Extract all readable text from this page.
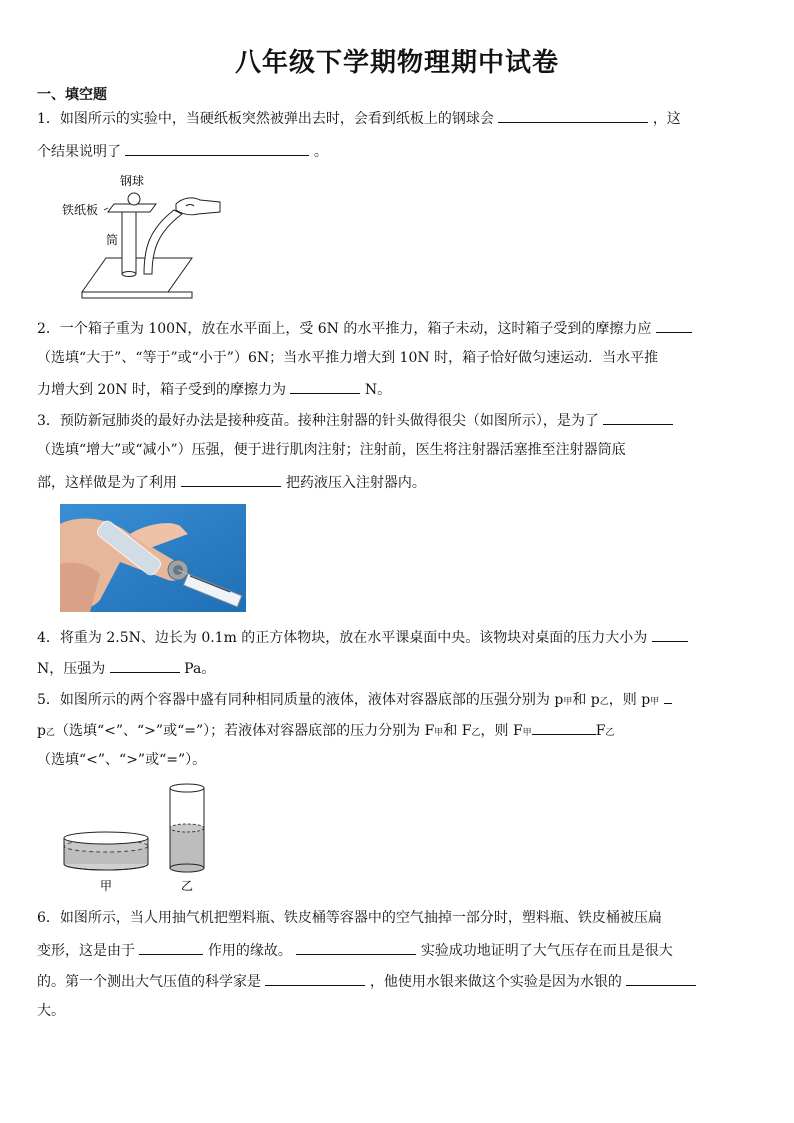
八年级下学期物理期中试卷
一、填空题
1．如图所示的实验中，当硬纸板突然被弹出去时，会看到纸板上的钢球会	，这
个结果说明了	。
钢球
铁纸板
筒
2．一个箱子重为 100N，放在水平面上，受 6N 的水平推力，箱子未动，这时箱子受到的摩擦力应
（选填“大于”、“等于”或“小于”）6N；当水平推力增大到 10N 时，箱子恰好做匀速运动．当水平推
力增大到 20N 时，箱子受到的摩擦力为	N。
3．预防新冠肺炎的最好办法是接种疫苗。接种注射器的针头做得很尖（如图所示），是为了
（选填“增大”或“减小”）压强，便于进行肌肉注射；注射前，医生将注射器活塞推至注射器筒底
部，这样做是为了利用	把药液压入注射器内。
4．将重为 2.5N、边长为 0.1m 的正方体物块，放在水平课桌面中央。该物块对桌面的压力大小为
N，压强为	Pa。
5．如图所示的两个容器中盛有同种相同质量的液体，液体对容器底部的压强分别为 p甲和 p乙，则 p甲
p乙（选填“<”、“>”或“=”）；若液体对容器底部的压力分别为 F甲和 F乙，则 F甲	F乙
（选填“<”、“>”或“=”）。
甲	乙
6．如图所示，当人用抽气机把塑料瓶、铁皮桶等容器中的空气抽掉一部分时，塑料瓶、铁皮桶被压扁
变形，这是由于	作用的缘故。	实验成功地证明了大气压存在而且是很大
的。第一个测出大气压值的科学家是	，他使用水银来做这个实验是因为水银的
大。
